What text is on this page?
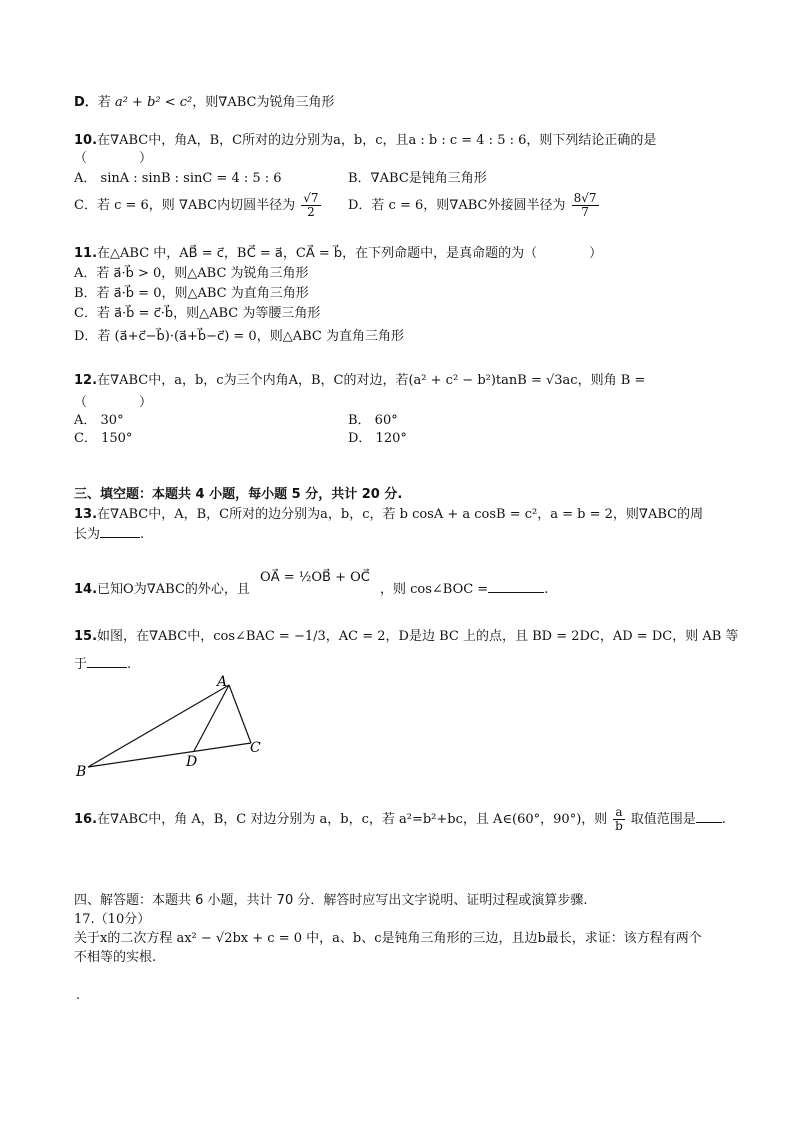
D．若 a² + b² < c²，则∇ABC为锐角三角形
10.在∇ABC中，角A，B，C所对的边分别为a，b，c，且a : b : c = 4 : 5 : 6，则下列结论正确的是
（　　　　）
A． sinA : sinB : sinC = 4 : 5 : 6	B．∇ABC是钝角三角形
C．若 c = 6，则 ∇ABC内切圆半径为 $\frac{√7}{2}$ D．若 c = 6，则∇ABC外接圆半径为 $\frac{8√7}{7}$
11.在△ABC 中，AB⃗ = c⃗，BC⃗ = a⃗，CA⃗ = b⃗，在下列命题中，是真命题的为（　　　　）
A．若 a⃗·b⃗ > 0，则△ABC 为锐角三角形
B．若 a⃗·b⃗ = 0，则△ABC 为直角三角形
C．若 a⃗·b⃗ = c⃗·b⃗，则△ABC 为等腰三角形
D．若 (a⃗+c⃗−b⃗)·(a⃗+b⃗−c⃗) = 0，则△ABC 为直角三角形
12.在∇ABC中，a，b，c为三个内角A，B，C的对边，若(a² + c² − b²)tanB = √3ac，则角 B =
（　　　　）
A． 30°	B． 60°
C． 150°	D． 120°
三、填空题：本题共 4 小题，每小题 5 分，共计 20 分.
13.在∇ABC中，A，B，C所对的边分别为a，b，c，若 b cosA + a cosB = c²，a = b = 2，则∇ABC的周
长为	.
14.已知O为∇ABC的外心，且 OA⃗ = ½OB⃗ + OC⃗ ，则 cos∠BOC =	.
15.如图，在∇ABC中，cos∠BAC = −1/3，AC = 2，D是边 BC 上的点，且 BD = 2DC，AD = DC，则 AB 等
于	.
A
B
C
D
16.在∇ABC中，角 A，B，C 对边分别为 a，b，c，若 a²=b²+bc，且 A∈(60°，90°)，则 $\frac{a}{b}$ 取值范围是 .
四、解答题：本题共 6 小题，共计 70 分．解答时应写出文字说明、证明过程或演算步骤.
17.（10分）
关于x的二次方程 ax² − √2bx + c = 0 中，a、b、c是钝角三角形的三边，且边b最长，求证：该方程有两个
不相等的实根.
.
